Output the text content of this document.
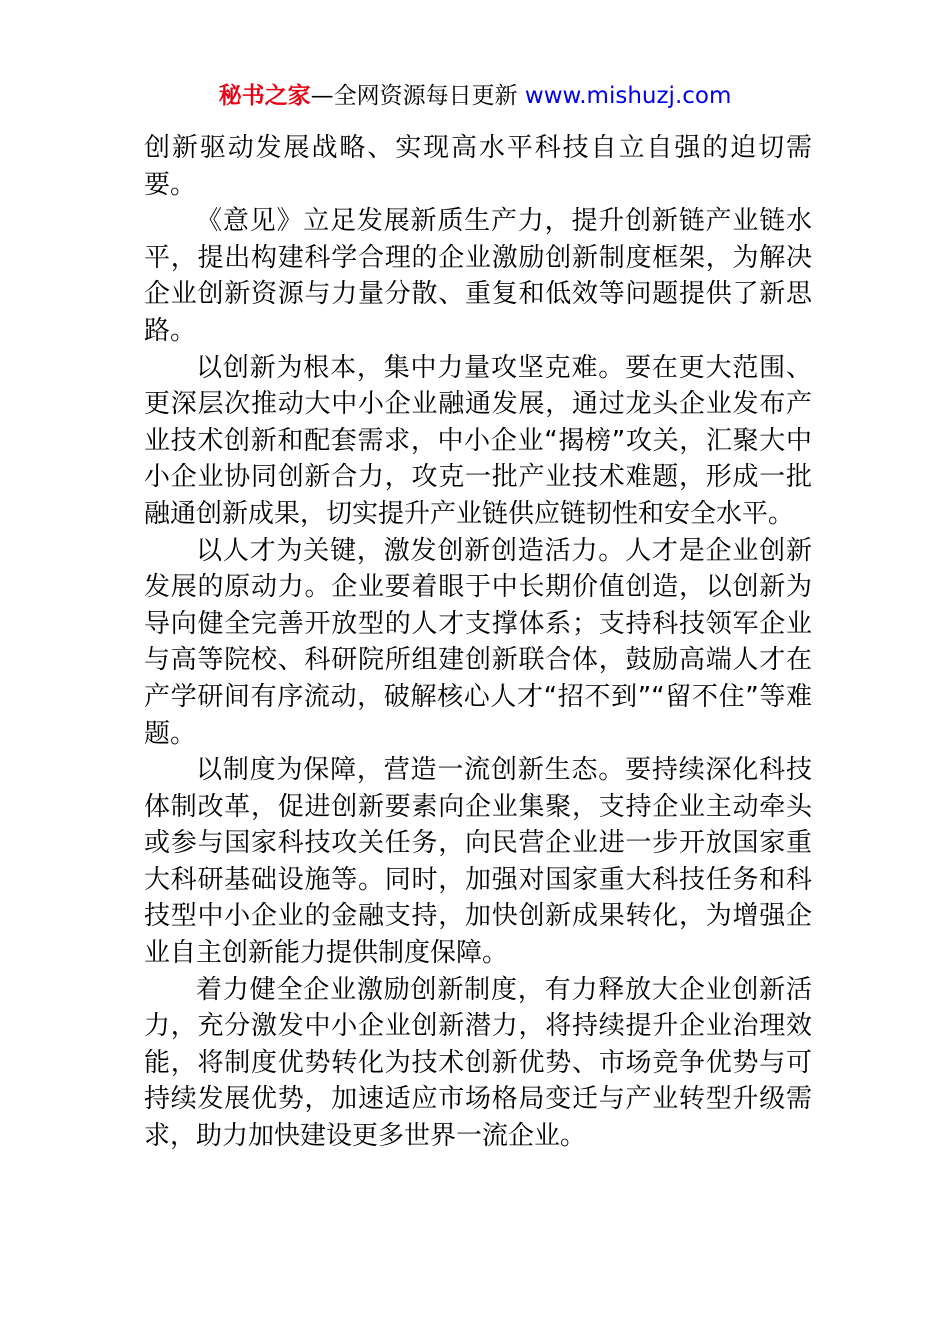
秘书之家—全网资源每日更新 www.mishuzj.com

创新驱动发展战略、实现高水平科技自立自强的迫切需要。

《意见》立足发展新质生产力，提升创新链产业链水平，提出构建科学合理的企业激励创新制度框架，为解决企业创新资源与力量分散、重复和低效等问题提供了新思路。

以创新为根本，集中力量攻坚克难。要在更大范围、更深层次推动大中小企业融通发展，通过龙头企业发布产业技术创新和配套需求，中小企业“揭榜”攻关，汇聚大中小企业协同创新合力，攻克一批产业技术难题，形成一批融通创新成果，切实提升产业链供应链韧性和安全水平。

以人才为关键，激发创新创造活力。人才是企业创新发展的原动力。企业要着眼于中长期价值创造，以创新为导向健全完善开放型的人才支撑体系；支持科技领军企业与高等院校、科研院所组建创新联合体，鼓励高端人才在产学研间有序流动，破解核心人才“招不到”“留不住”等难题。

以制度为保障，营造一流创新生态。要持续深化科技体制改革，促进创新要素向企业集聚，支持企业主动牵头或参与国家科技攻关任务，向民营企业进一步开放国家重大科研基础设施等。同时，加强对国家重大科技任务和科技型中小企业的金融支持，加快创新成果转化，为增强企业自主创新能力提供制度保障。

着力健全企业激励创新制度，有力释放大企业创新活力，充分激发中小企业创新潜力，将持续提升企业治理效能，将制度优势转化为技术创新优势、市场竞争优势与可持续发展优势，加速适应市场格局变迁与产业转型升级需求，助力加快建设更多世界一流企业。
